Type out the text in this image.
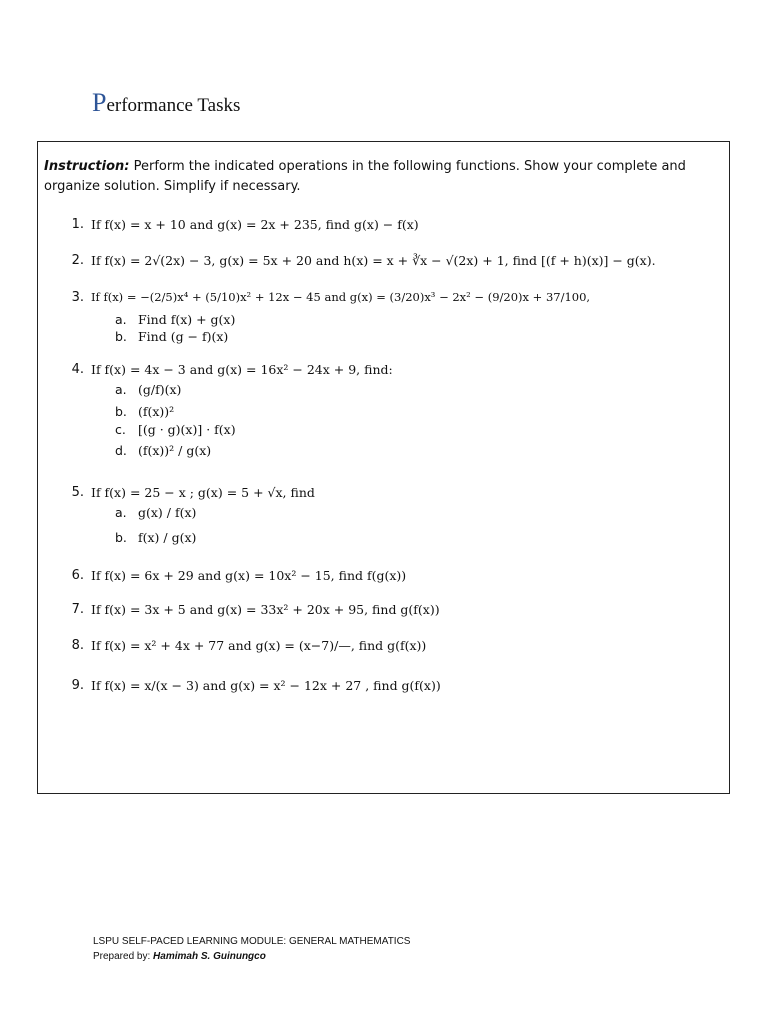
Performance Tasks
Instruction: Perform the indicated operations in the following functions. Show your complete and organize solution. Simplify if necessary.
1. If f(x) = x + 10 and g(x) = 2x + 235, find g(x) − f(x)
2. If f(x) = 2√(2x) − 3, g(x) = 5x + 20 and h(x) = x + ∛x − √(2x) + 1, find [(f + h)(x)] − g(x).
3. If f(x) = −(2/5)x⁴ + (5/10)x² + 12x − 45 and g(x) = (3/20)x³ − 2x² − (9/20)x + 37/100,
a. Find f(x) + g(x)
b. Find (g − f)(x)
4. If f(x) = 4x − 3 and g(x) = 16x² − 24x + 9, find:
a. (g/f)(x)
b. (f(x))²
c. [(g · g)(x)] · f(x)
d. (f(x))² / g(x)
5. If f(x) = 25 − x ; g(x) = 5 + √x, find
a. g(x) / f(x)
b. f(x) / g(x)
6. If f(x) = 6x + 29 and g(x) = 10x² − 15, find f(g(x))
7. If f(x) = 3x + 5 and g(x) = 33x² + 20x + 95, find g(f(x))
8. If f(x) = x² + 4x + 77 and g(x) = (x−7)/—, find g(f(x))
9. If f(x) = x/(x − 3) and g(x) = x² − 12x + 27 , find g(f(x))
LSPU SELF-PACED LEARNING MODULE: GENERAL MATHEMATICS
Prepared by: Hamimah S. Guinungco
